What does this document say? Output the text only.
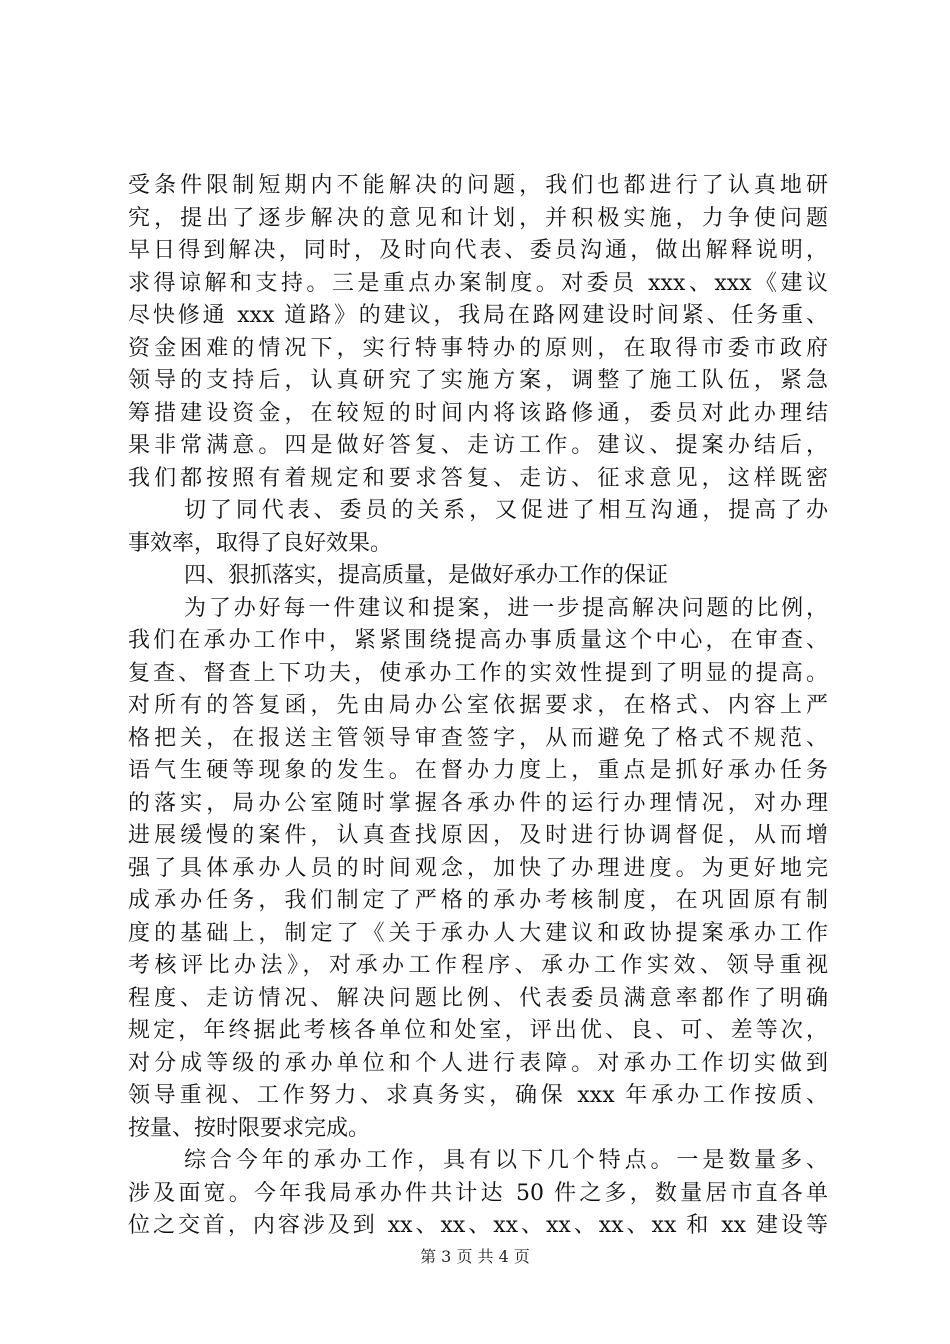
受条件限制短期内不能解决的问题，我们也都进行了认真地研
究，提出了逐步解决的意见和计划，并积极实施，力争使问题
早日得到解决，同时，及时向代表、委员沟通，做出解释说明，
求得谅解和支持。三是重点办案制度。对委员 xxx、xxx《建议
尽快修通 xxx 道路》的建议，我局在路网建设时间紧、任务重、
资金困难的情况下，实行特事特办的原则，在取得市委市政府
领导的支持后，认真研究了实施方案，调整了施工队伍，紧急
筹措建设资金，在较短的时间内将该路修通，委员对此办理结
果非常满意。四是做好答复、走访工作。建议、提案办结后，
我们都按照有着规定和要求答复、走访、征求意见，这样既密
切了同代表、委员的关系，又促进了相互沟通，提高了办
事效率，取得了良好效果。
四、狠抓落实，提高质量，是做好承办工作的保证
为了办好每一件建议和提案，进一步提高解决问题的比例，
我们在承办工作中，紧紧围绕提高办事质量这个中心，在审查、
复查、督查上下功夫，使承办工作的实效性提到了明显的提高。
对所有的答复函，先由局办公室依据要求，在格式、内容上严
格把关，在报送主管领导审查签字，从而避免了格式不规范、
语气生硬等现象的发生。在督办力度上，重点是抓好承办任务
的落实，局办公室随时掌握各承办件的运行办理情况，对办理
进展缓慢的案件，认真查找原因，及时进行协调督促，从而增
强了具体承办人员的时间观念，加快了办理进度。为更好地完
成承办任务，我们制定了严格的承办考核制度，在巩固原有制
度的基础上，制定了《关于承办人大建议和政协提案承办工作
考核评比办法》，对承办工作程序、承办工作实效、领导重视
程度、走访情况、解决问题比例、代表委员满意率都作了明确
规定，年终据此考核各单位和处室，评出优、良、可、差等次，
对分成等级的承办单位和个人进行表障。对承办工作切实做到
领导重视、工作努力、求真务实，确保 xxx 年承办工作按质、
按量、按时限要求完成。
综合今年的承办工作，具有以下几个特点。一是数量多、
涉及面宽。今年我局承办件共计达 50 件之多，数量居市直各单
位之交首，内容涉及到 xx、xx、xx、xx、xx、xx 和 xx 建设等
第 3 页 共 4 页
